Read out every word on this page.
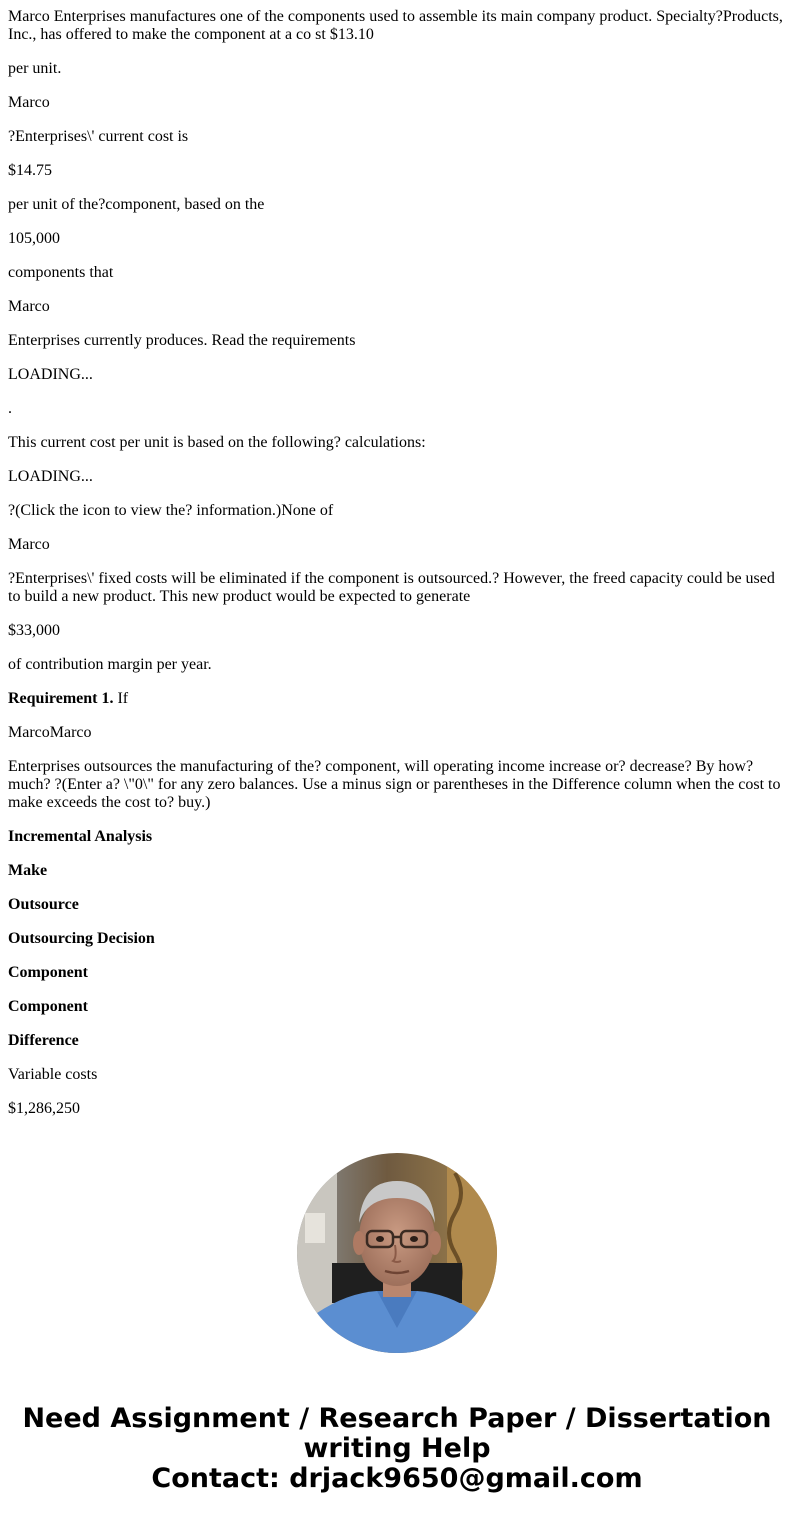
Marco Enterprises manufactures one of the components used to assemble its main company product. Specialty?Products, Inc., has offered to make the component at a co st $13.10

per unit.

Marco

?Enterprises\' current cost is

$14.75

per unit of the?component, based on the

105,000

components that

Marco

Enterprises currently produces. Read the requirements

LOADING...

.

This current cost per unit is based on the following? calculations:

LOADING...

?(Click the icon to view the? information.)None of

Marco

?Enterprises\' fixed costs will be eliminated if the component is outsourced.? However, the freed capacity could be used to build a new product. This new product would be expected to generate

$33,000

of contribution margin per year.

Requirement 1. If

MarcoMarco

Enterprises outsources the manufacturing of the? component, will operating income increase or? decrease? By how? much? ?(Enter a? \"0\" for any zero balances. Use a minus sign or parentheses in the Difference column when the cost to make exceeds the cost to? buy.)

Incremental Analysis

Make

Outsource

Outsourcing Decision

Component

Component

Difference

Variable costs

$1,286,250

Need Assignment / Research Paper / Dissertation
writing Help
Contact: drjack9650@gmail.com
